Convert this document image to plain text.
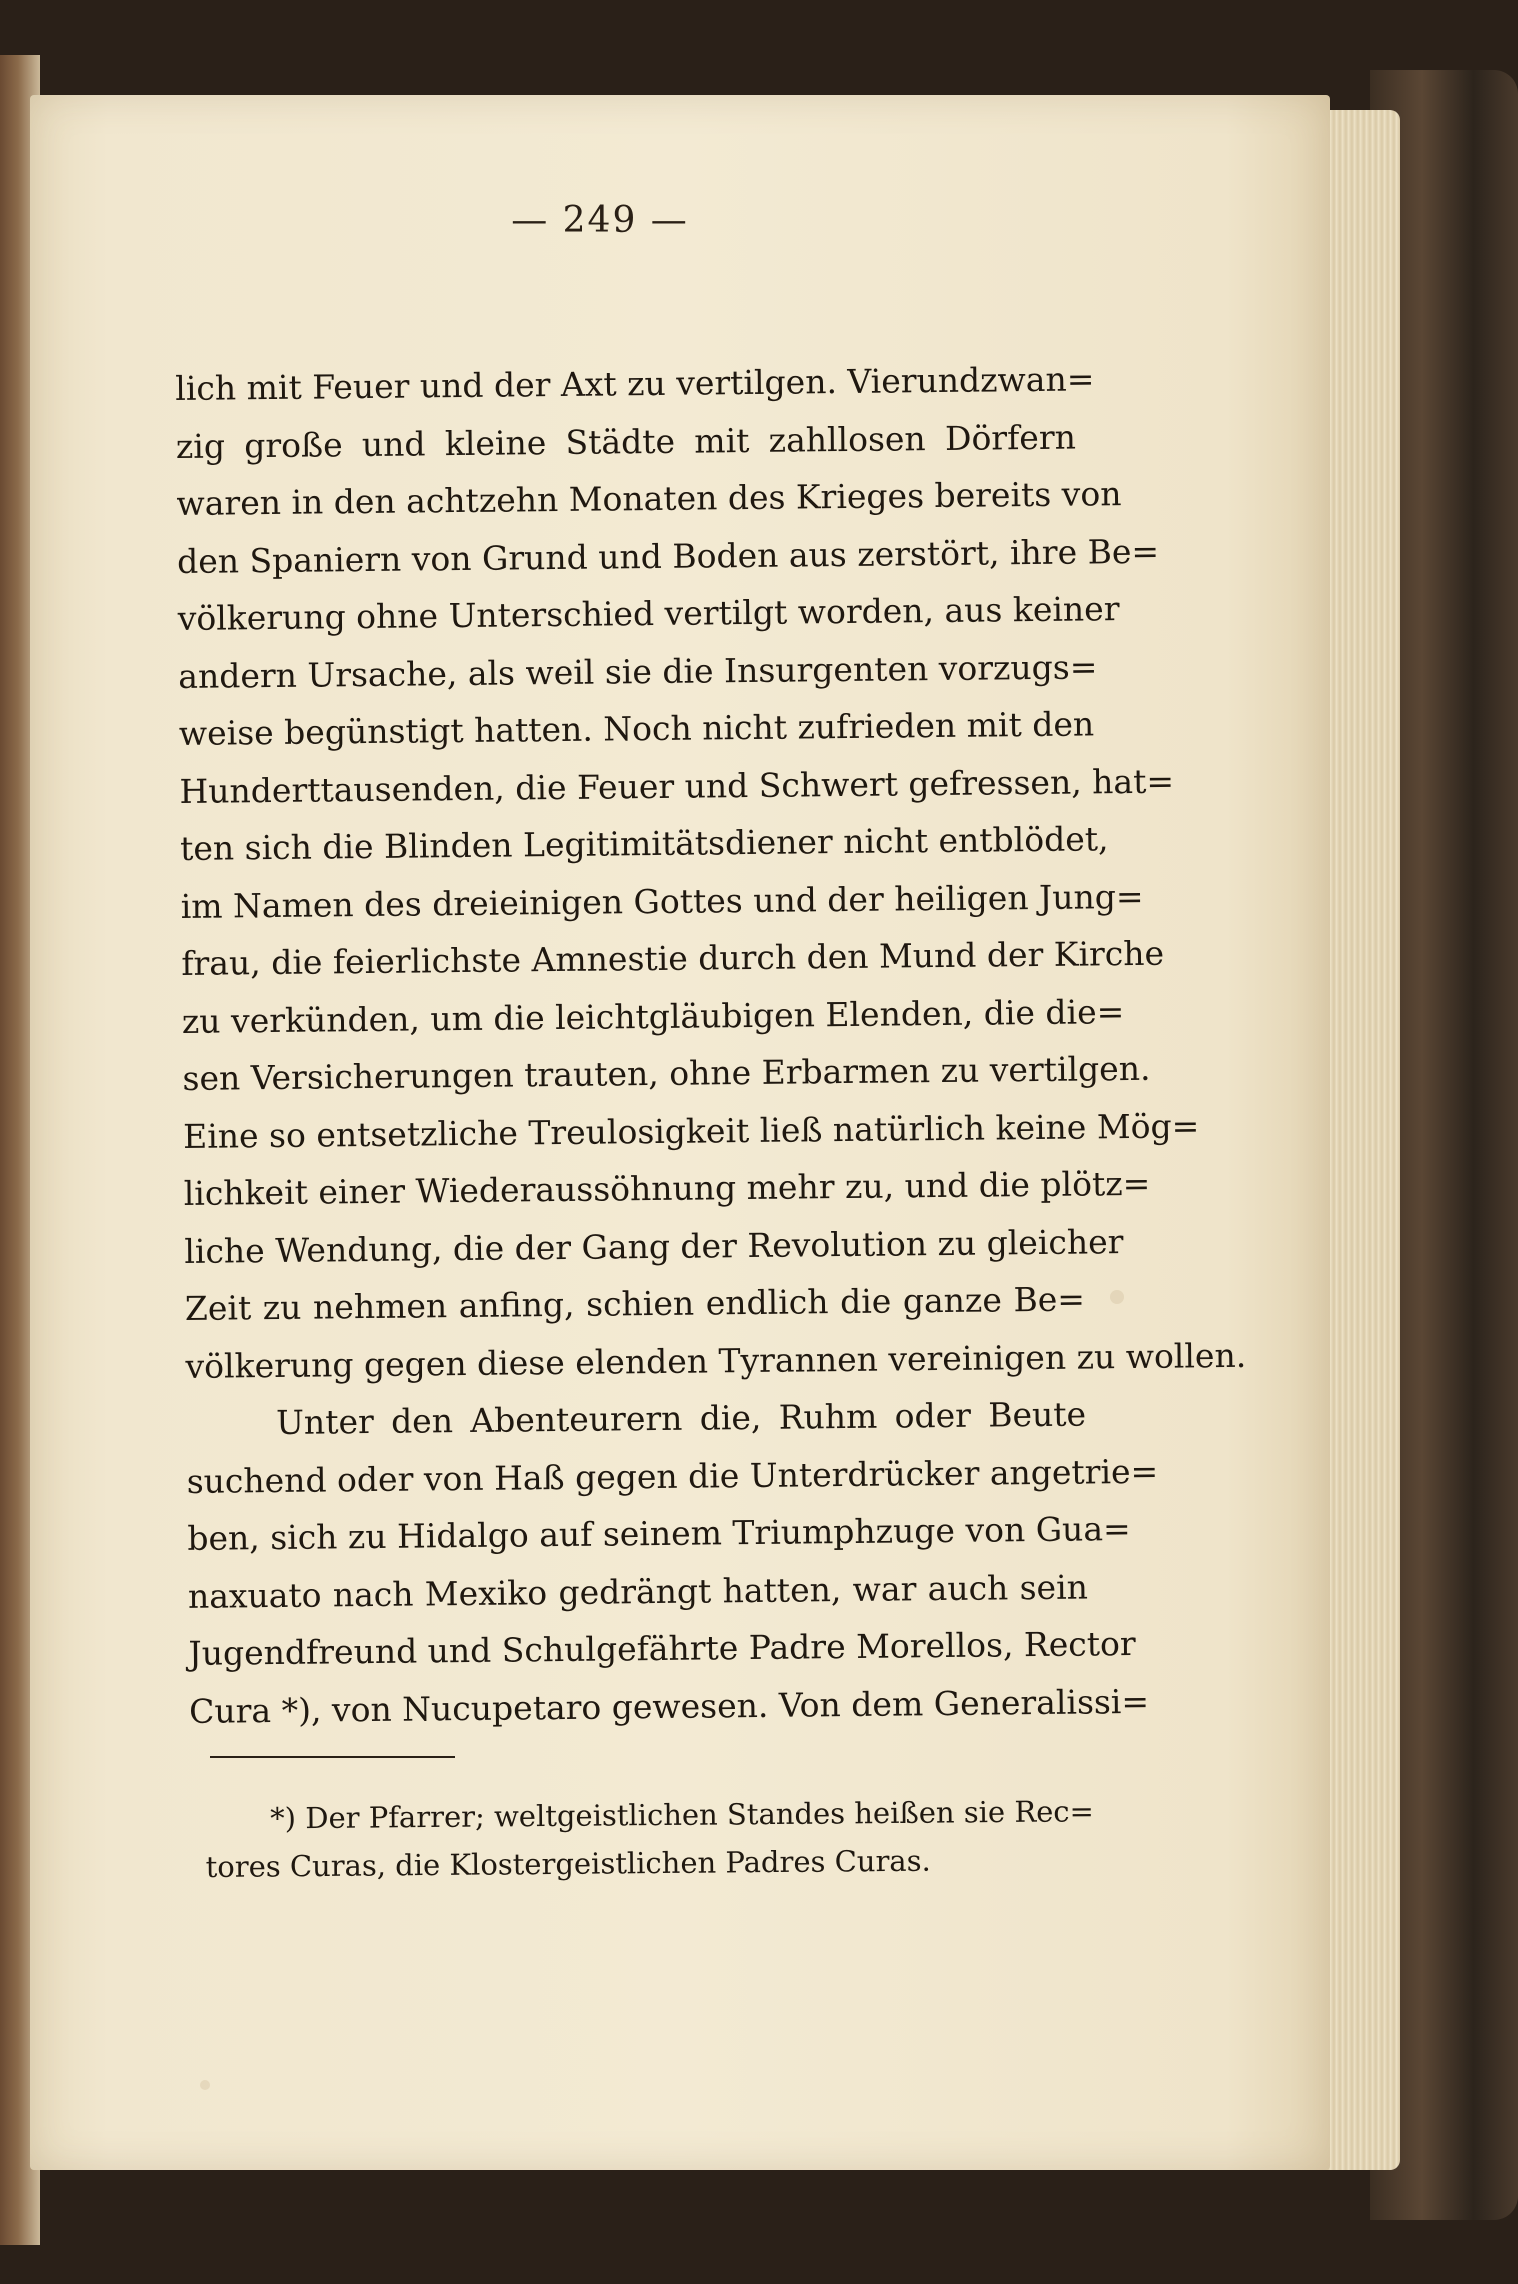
— 249 —
lich mit Feuer und der Axt zu vertilgen. Vierundzwan=
zig große und kleine Städte mit zahllosen Dörfern
waren in den achtzehn Monaten des Krieges bereits von
den Spaniern von Grund und Boden aus zerstört, ihre Be=
völkerung ohne Unterschied vertilgt worden, aus keiner
andern Ursache, als weil sie die Insurgenten vorzugs=
weise begünstigt hatten. Noch nicht zufrieden mit den
Hunderttausenden, die Feuer und Schwert gefressen, hat=
ten sich die Blinden Legitimitätsdiener nicht entblödet,
im Namen des dreieinigen Gottes und der heiligen Jung=
frau, die feierlichste Amnestie durch den Mund der Kirche
zu verkünden, um die leichtgläubigen Elenden, die die=
sen Versicherungen trauten, ohne Erbarmen zu vertilgen.
Eine so entsetzliche Treulosigkeit ließ natürlich keine Mög=
lichkeit einer Wiederaussöhnung mehr zu, und die plötz=
liche Wendung, die der Gang der Revolution zu gleicher
Zeit zu nehmen anfing, schien endlich die ganze Be=
völkerung gegen diese elenden Tyrannen vereinigen zu wollen.
Unter den Abenteurern die, Ruhm oder Beute
suchend oder von Haß gegen die Unterdrücker angetrie=
ben, sich zu Hidalgo auf seinem Triumphzuge von Gua=
naxuato nach Mexiko gedrängt hatten, war auch sein
Jugendfreund und Schulgefährte Padre Morellos, Rector
Cura *), von Nucupetaro gewesen. Von dem Generalissi=
*) Der Pfarrer; weltgeistlichen Standes heißen sie Rec=
tores Curas, die Klostergeistlichen Padres Curas.
